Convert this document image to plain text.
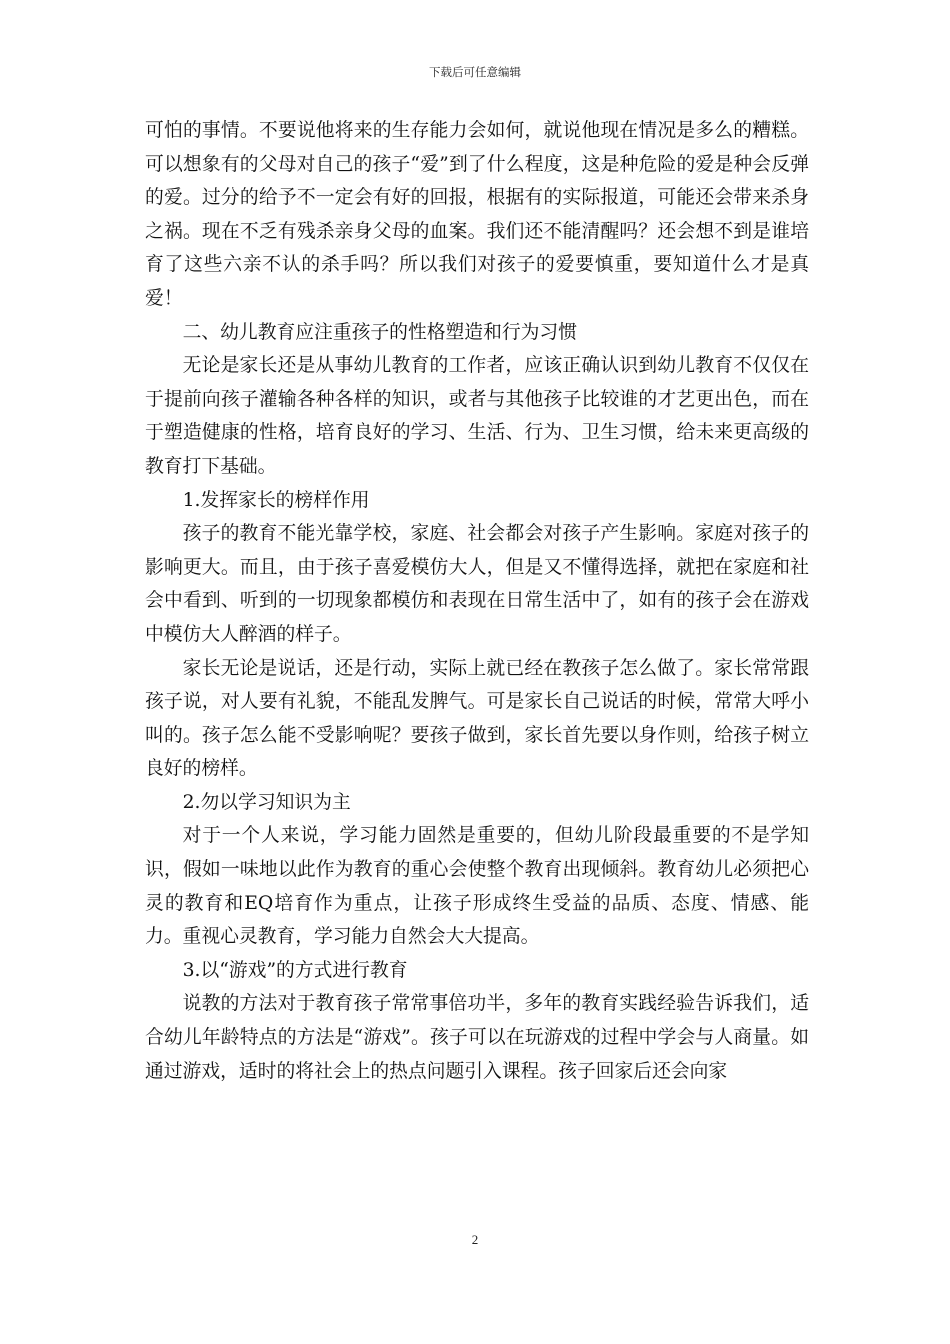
下载后可任意编辑

可怕的事情。不要说他将来的生存能力会如何，就说他现在情况是多么的糟糕。可以想象有的父母对自己的孩子“爱”到了什么程度，这是种危险的爱是种会反弹的爱。过分的给予不一定会有好的回报，根据有的实际报道，可能还会带来杀身之祸。现在不乏有残杀亲身父母的血案。我们还不能清醒吗？还会想不到是谁培育了这些六亲不认的杀手吗？所以我们对孩子的爱要慎重，要知道什么才是真爱！

二、幼儿教育应注重孩子的性格塑造和行为习惯

无论是家长还是从事幼儿教育的工作者，应该正确认识到幼儿教育不仅仅在于提前向孩子灌输各种各样的知识，或者与其他孩子比较谁的才艺更出色，而在于塑造健康的性格，培育良好的学习、生活、行为、卫生习惯，给未来更高级的教育打下基础。

1.发挥家长的榜样作用

孩子的教育不能光靠学校，家庭、社会都会对孩子产生影响。家庭对孩子的影响更大。而且，由于孩子喜爱模仿大人，但是又不懂得选择，就把在家庭和社会中看到、听到的一切现象都模仿和表现在日常生活中了，如有的孩子会在游戏中模仿大人醉酒的样子。

家长无论是说话，还是行动，实际上就已经在教孩子怎么做了。家长常常跟孩子说，对人要有礼貌，不能乱发脾气。可是家长自己说话的时候，常常大呼小叫的。孩子怎么能不受影响呢？要孩子做到，家长首先要以身作则，给孩子树立良好的榜样。

2.勿以学习知识为主

对于一个人来说，学习能力固然是重要的，但幼儿阶段最重要的不是学知识，假如一味地以此作为教育的重心会使整个教育出现倾斜。教育幼儿必须把心灵的教育和EQ培育作为重点，让孩子形成终生受益的品质、态度、情感、能力。重视心灵教育，学习能力自然会大大提高。

3.以“游戏”的方式进行教育

说教的方法对于教育孩子常常事倍功半，多年的教育实践经验告诉我们，适合幼儿年龄特点的方法是“游戏”。孩子可以在玩游戏的过程中学会与人商量。如通过游戏，适时的将社会上的热点问题引入课程。孩子回家后还会向家

2
